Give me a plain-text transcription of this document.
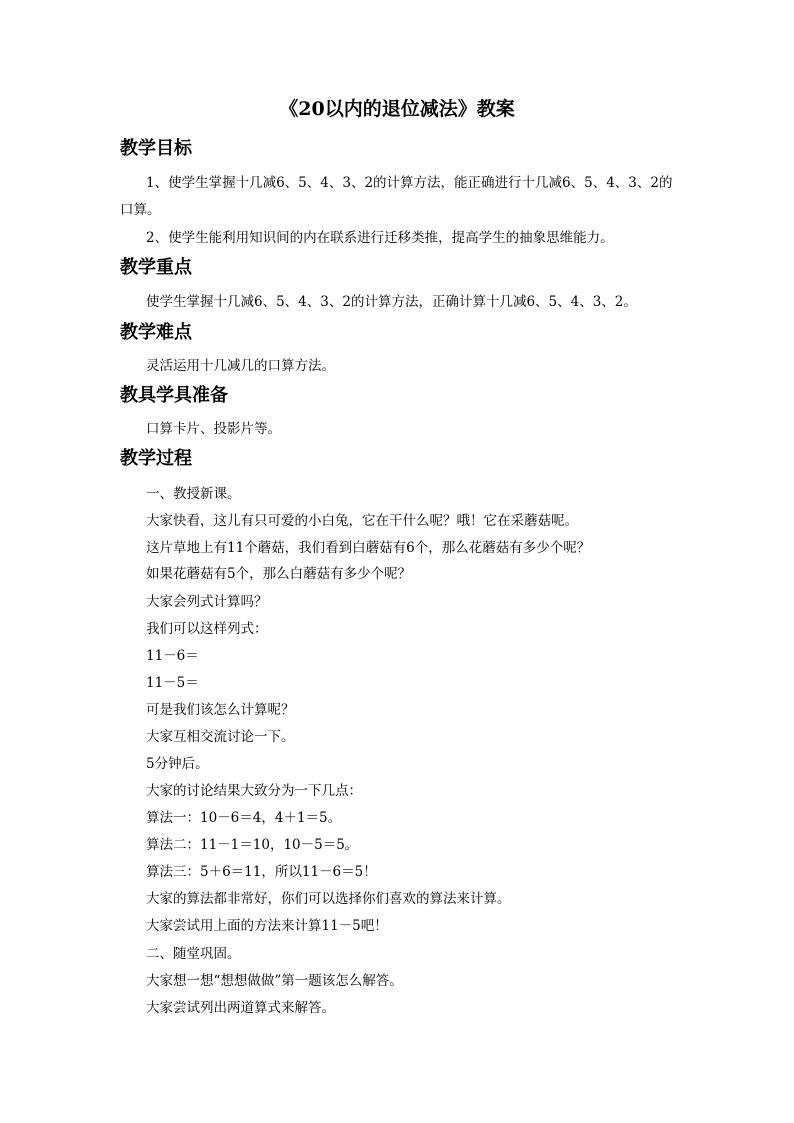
《20以内的退位减法》教案
教学目标

1、使学生掌握十几减6、5、4、3、2的计算方法，能正确进行十几减6、5、4、3、2的

口算。

2、使学生能利用知识间的内在联系进行迁移类推，提高学生的抽象思维能力。

教学重点

使学生掌握十几减6、5、4、3、2的计算方法，正确计算十几减6、5、4、3、2。

教学难点

灵活运用十几减几的口算方法。

教具学具准备

口算卡片、投影片等。

教学过程

一、教授新课。

大家快看，这儿有只可爱的小白兔，它在干什么呢？哦！它在采蘑菇呢。

这片草地上有11个蘑菇，我们看到白蘑菇有6个，那么花蘑菇有多少个呢？

如果花蘑菇有5个，那么白蘑菇有多少个呢？

大家会列式计算吗？

我们可以这样列式：

11－6＝

11－5＝

可是我们该怎么计算呢？

大家互相交流讨论一下。

5分钟后。

大家的讨论结果大致分为一下几点：

算法一：10－6＝4，4＋1＝5。

算法二：11－1＝10，10－5＝5。

算法三：5＋6＝11，所以11－6＝5！

大家的算法都非常好，你们可以选择你们喜欢的算法来计算。

大家尝试用上面的方法来计算11－5吧！

二、随堂巩固。

大家想一想“想想做做”第一题该怎么解答。

大家尝试列出两道算式来解答。
